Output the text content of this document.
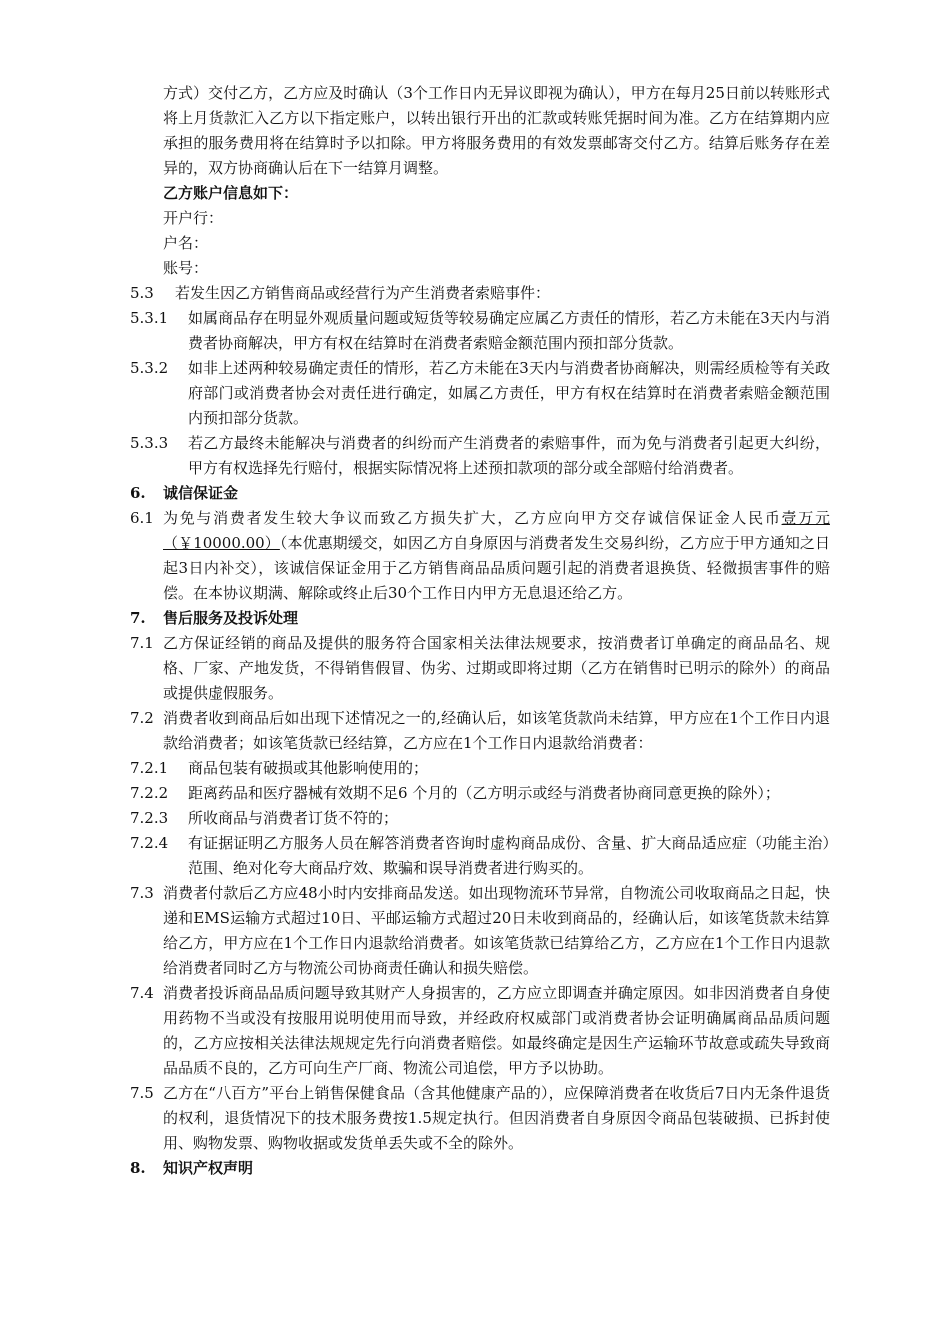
方式）交付乙方，乙方应及时确认（3个工作日内无异议即视为确认），甲方在每月25日前以转账形式将上月货款汇入乙方以下指定账户，以转出银行开出的汇款或转账凭据时间为准。乙方在结算期内应承担的服务费用将在结算时予以扣除。甲方将服务费用的有效发票邮寄交付乙方。结算后账务存在差异的，双方协商确认后在下一结算月调整。

乙方账户信息如下：

开户行：

户名：

账号：

5.3	若发生因乙方销售商品或经营行为产生消费者索赔事件：
5.3.1	如属商品存在明显外观质量问题或短货等较易确定应属乙方责任的情形，若乙方未能在3天内与消费者协商解决，甲方有权在结算时在消费者索赔金额范围内预扣部分货款。
5.3.2	如非上述两种较易确定责任的情形，若乙方未能在3天内与消费者协商解决，则需经质检等有关政府部门或消费者协会对责任进行确定，如属乙方责任，甲方有权在结算时在消费者索赔金额范围内预扣部分货款。
5.3.3	若乙方最终未能解决与消费者的纠纷而产生消费者的索赔事件，而为免与消费者引起更大纠纷，甲方有权选择先行赔付，根据实际情况将上述预扣款项的部分或全部赔付给消费者。
6.	诚信保证金
6.1 为免与消费者发生较大争议而致乙方损失扩大，乙方应向甲方交存诚信保证金人民币壹万元（￥10000.00）（本优惠期缓交，如因乙方自身原因与消费者发生交易纠纷，乙方应于甲方通知之日起3日内补交），该诚信保证金用于乙方销售商品品质问题引起的消费者退换货、轻微损害事件的赔偿。在本协议期满、解除或终止后30个工作日内甲方无息退还给乙方。
7.	售后服务及投诉处理
7.1 乙方保证经销的商品及提供的服务符合国家相关法律法规要求，按消费者订单确定的商品品名、规格、厂家、产地发货，不得销售假冒、伪劣、过期或即将过期（乙方在销售时已明示的除外）的商品或提供虚假服务。
7.2 消费者收到商品后如出现下述情况之一的,经确认后，如该笔货款尚未结算，甲方应在1个工作日内退款给消费者；如该笔货款已经结算，乙方应在1个工作日内退款给消费者：
7.2.1	商品包装有破损或其他影响使用的；
7.2.2	距离药品和医疗器械有效期不足6 个月的（乙方明示或经与消费者协商同意更换的除外）；
7.2.3	所收商品与消费者订货不符的；
7.2.4	有证据证明乙方服务人员在解答消费者咨询时虚构商品成份、含量、扩大商品适应症（功能主治）范围、绝对化夸大商品疗效、欺骗和误导消费者进行购买的。
7.3 消费者付款后乙方应48小时内安排商品发送。如出现物流环节异常，自物流公司收取商品之日起，快递和EMS运输方式超过10日、平邮运输方式超过20日未收到商品的，经确认后，如该笔货款未结算给乙方，甲方应在1个工作日内退款给消费者。如该笔货款已结算给乙方，乙方应在1个工作日内退款给消费者同时乙方与物流公司协商责任确认和损失赔偿。
7.4 消费者投诉商品品质问题导致其财产人身损害的，乙方应立即调查并确定原因。如非因消费者自身使用药物不当或没有按服用说明使用而导致，并经政府权威部门或消费者协会证明确属商品品质问题的，乙方应按相关法律法规规定先行向消费者赔偿。如最终确定是因生产运输环节故意或疏失导致商品品质不良的，乙方可向生产厂商、物流公司追偿，甲方予以协助。
7.5 乙方在“八百方”平台上销售保健食品（含其他健康产品的），应保障消费者在收货后7日内无条件退货的权利，退货情况下的技术服务费按1.5规定执行。但因消费者自身原因令商品包装破损、已拆封使用、购物发票、购物收据或发货单丢失或不全的除外。
8.	知识产权声明
